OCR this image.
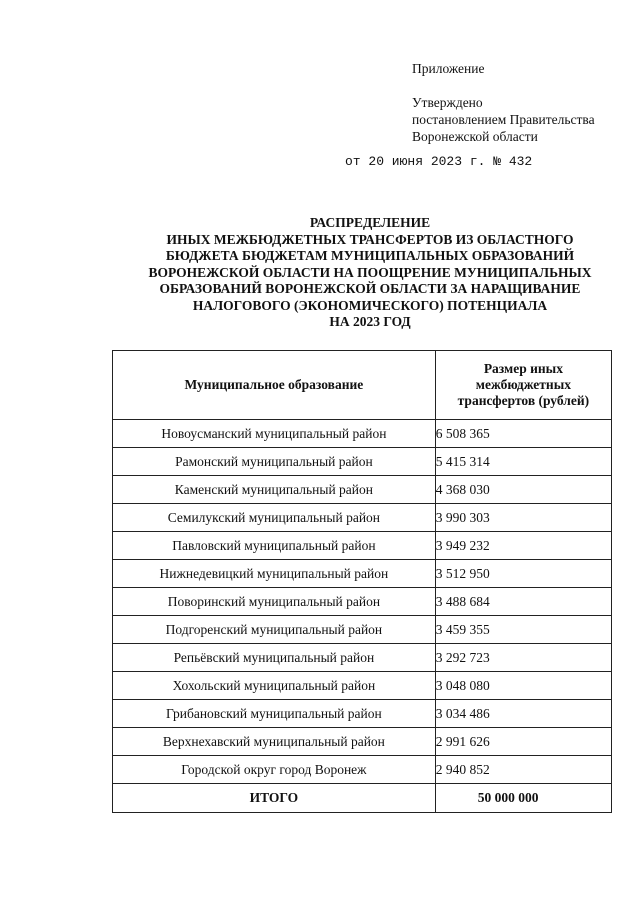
Приложение
Утверждено
постановлением Правительства
Воронежской области
от 20 июня 2023 г. № 432
РАСПРЕДЕЛЕНИЕ
ИНЫХ МЕЖБЮДЖЕТНЫХ ТРАНСФЕРТОВ ИЗ ОБЛАСТНОГО
БЮДЖЕТА БЮДЖЕТАМ МУНИЦИПАЛЬНЫХ ОБРАЗОВАНИЙ
ВОРОНЕЖСКОЙ ОБЛАСТИ НА ПООЩРЕНИЕ МУНИЦИПАЛЬНЫХ
ОБРАЗОВАНИЙ ВОРОНЕЖСКОЙ ОБЛАСТИ ЗА НАРАЩИВАНИЕ
НАЛОГОВОГО (ЭКОНОМИЧЕСКОГО) ПОТЕНЦИАЛА
НА 2023 ГОД
Муниципальное образование	Размер иных
межбюджетных
трансфертов (рублей)
Новоусманский муниципальный район	6 508 365
Рамонский муниципальный район	5 415 314
Каменский муниципальный район	4 368 030
Семилукский муниципальный район	3 990 303
Павловский муниципальный район	3 949 232
Нижнедевицкий муниципальный район	3 512 950
Поворинский муниципальный район	3 488 684
Подгоренский муниципальный район	3 459 355
Репьёвский муниципальный район	3 292 723
Хохольский муниципальный район	3 048 080
Грибановский муниципальный район	3 034 486
Верхнехавский муниципальный район	2 991 626
Городской округ город Воронеж	2 940 852
ИТОГО	50 000 000
